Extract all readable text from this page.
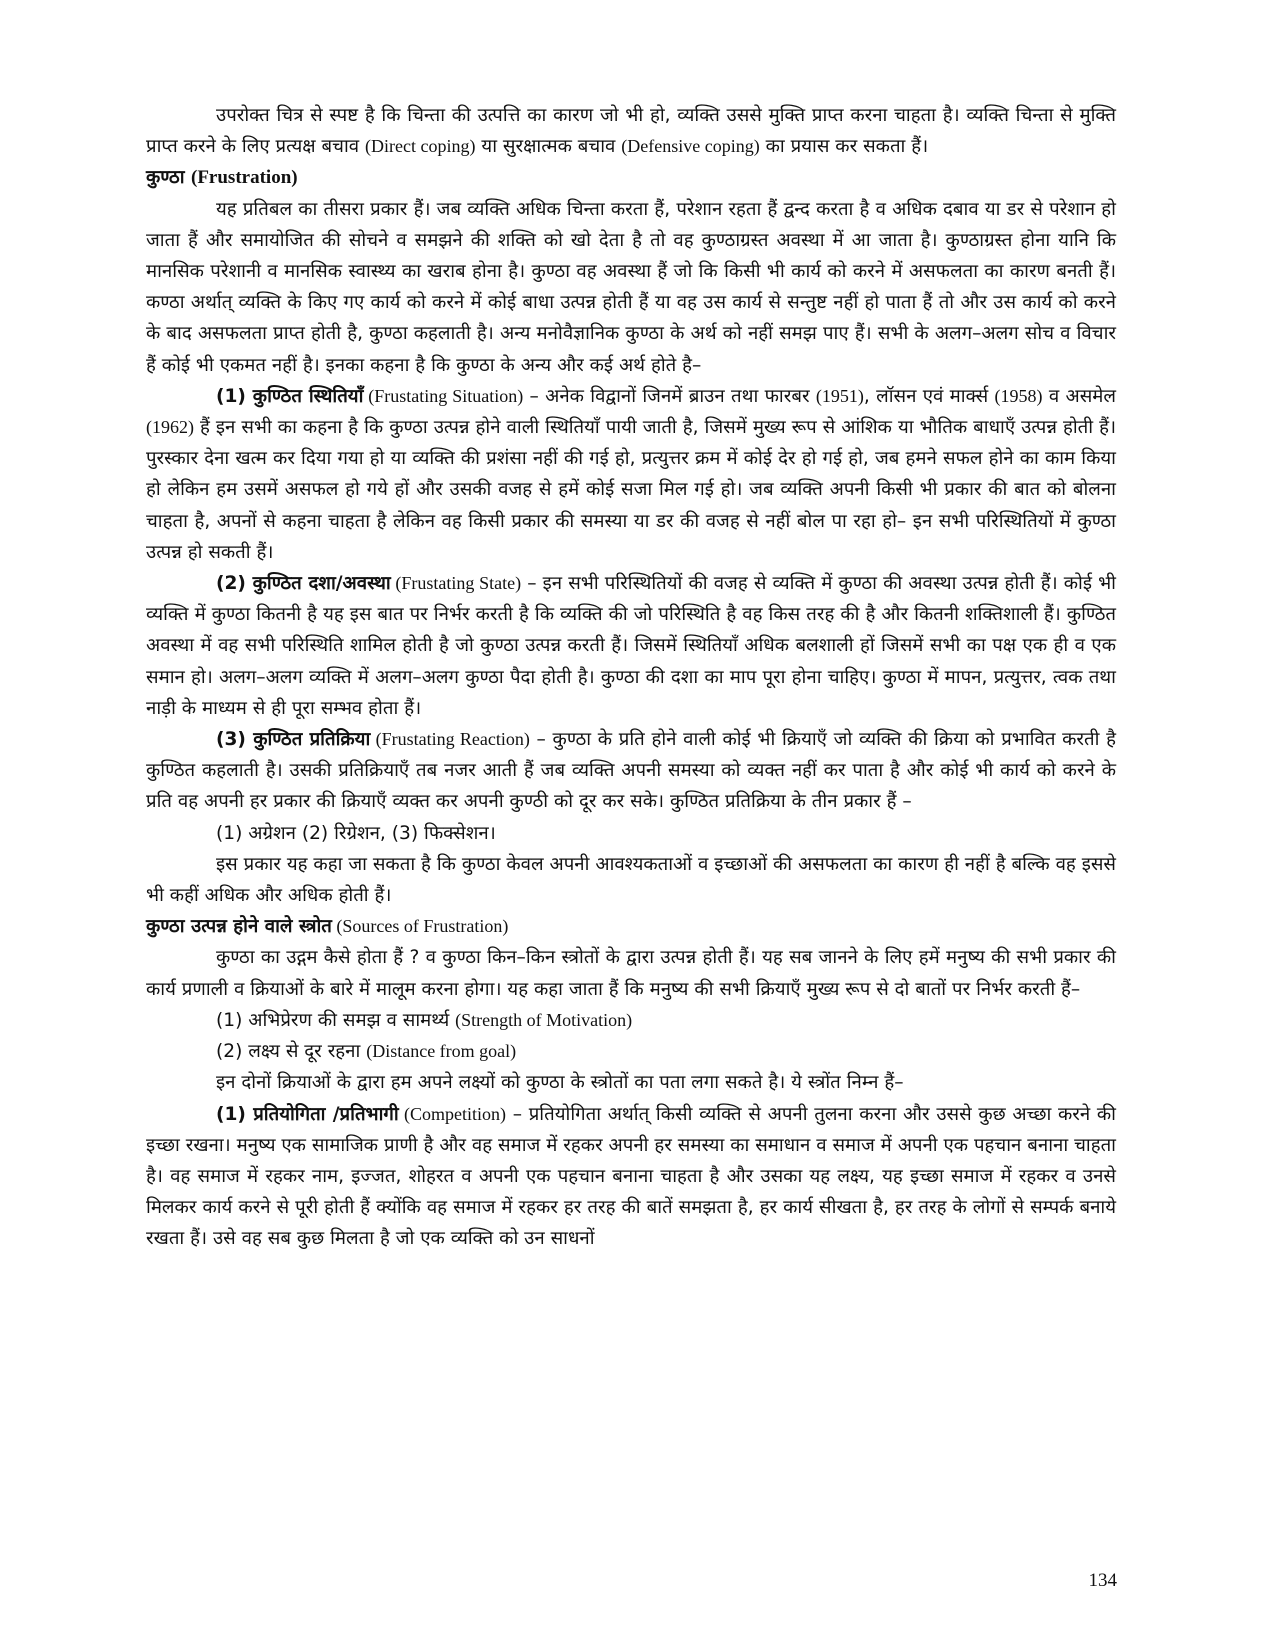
उपरोक्त चित्र से स्पष्ट है कि चिन्ता की उत्पत्ति का कारण जो भी हो, व्यक्ति उससे मुक्ति प्राप्त करना चाहता है। व्यक्ति चिन्ता से मुक्ति प्राप्त करने के लिए प्रत्यक्ष बचाव (Direct coping) या सुरक्षात्मक बचाव (Defensive coping) का प्रयास कर सकता हैं।

कुण्ठा (Frustration)

यह प्रतिबल का तीसरा प्रकार हैं। जब व्यक्ति अधिक चिन्ता करता हैं, परेशान रहता हैं द्वन्द करता है व अधिक दबाव या डर से परेशान हो जाता हैं और समायोजित की सोचने व समझने की शक्ति को खो देता है तो वह कुण्ठाग्रस्त अवस्था में आ जाता है। कुण्ठाग्रस्त होना यानि कि मानसिक परेशानी व मानसिक स्वास्थ्य का खराब होना है। कुण्ठा वह अवस्था हैं जो कि किसी भी कार्य को करने में असफलता का कारण बनती हैं। कण्ठा अर्थात् व्यक्ति के किए गए कार्य को करने में कोई बाधा उत्पन्न होती हैं या वह उस कार्य से सन्तुष्ट नहीं हो पाता हैं तो और उस कार्य को करने के बाद असफलता प्राप्त होती है, कुण्ठा कहलाती है। अन्य मनोवैज्ञानिक कुण्ठा के अर्थ को नहीं समझ पाए हैं। सभी के अलग–अलग सोच व विचार हैं कोई भी एकमत नहीं है। इनका कहना है कि कुण्ठा के अन्य और कई अर्थ होते है–

(1) कुण्ठित स्थितियाँ (Frustating Situation) – अनेक विद्वानों जिनमें ब्राउन तथा फारबर (1951), लॉसन एवं मार्क्स (1958) व असमेल (1962) हैं इन सभी का कहना है कि कुण्ठा उत्पन्न होने वाली स्थितियाँ पायी जाती है, जिसमें मुख्य रूप से आंशिक या भौतिक बाधाएँ उत्पन्न होती हैं। पुरस्कार देना खत्म कर दिया गया हो या व्यक्ति की प्रशंसा नहीं की गई हो, प्रत्युत्तर क्रम में कोई देर हो गई हो, जब हमने सफल होने का काम किया हो लेकिन हम उसमें असफल हो गये हों और उसकी वजह से हमें कोई सजा मिल गई हो। जब व्यक्ति अपनी किसी भी प्रकार की बात को बोलना चाहता है, अपनों से कहना चाहता है लेकिन वह किसी प्रकार की समस्या या डर की वजह से नहीं बोल पा रहा हो– इन सभी परिस्थितियों में कुण्ठा उत्पन्न हो सकती हैं।

(2) कुण्ठित दशा/अवस्था (Frustating State) – इन सभी परिस्थितियों की वजह से व्यक्ति में कुण्ठा की अवस्था उत्पन्न होती हैं। कोई भी व्यक्ति में कुण्ठा कितनी है यह इस बात पर निर्भर करती है कि व्यक्ति की जो परिस्थिति है वह किस तरह की है और कितनी शक्तिशाली हैं। कुण्ठित अवस्था में वह सभी परिस्थिति शामिल होती है जो कुण्ठा उत्पन्न करती हैं। जिसमें स्थितियाँ अधिक बलशाली हों जिसमें सभी का पक्ष एक ही व एक समान हो। अलग–अलग व्यक्ति में अलग–अलग कुण्ठा पैदा होती है। कुण्ठा की दशा का माप पूरा होना चाहिए। कुण्ठा में मापन, प्रत्युत्तर, त्वक तथा नाड़ी के माध्यम से ही पूरा सम्भव होता हैं।

(3) कुण्ठित प्रतिक्रिया (Frustating Reaction) – कुण्ठा के प्रति होने वाली कोई भी क्रियाएँ जो व्यक्ति की क्रिया को प्रभावित करती है कुण्ठित कहलाती है। उसकी प्रतिक्रियाएँ तब नजर आती हैं जब व्यक्ति अपनी समस्या को व्यक्त नहीं कर पाता है और कोई भी कार्य को करने के प्रति वह अपनी हर प्रकार की क्रियाएँ व्यक्त कर अपनी कुण्ठी को दूर कर सके। कुण्ठित प्रतिक्रिया के तीन प्रकार हैं –

(1) अग्रेशन (2) रिग्रेशन, (3) फिक्सेशन।

इस प्रकार यह कहा जा सकता है कि कुण्ठा केवल अपनी आवश्यकताओं व इच्छाओं की असफलता का कारण ही नहीं है बल्कि वह इससे भी कहीं अधिक और अधिक होती हैं।

कुण्ठा उत्पन्न होने वाले स्त्रोत (Sources of Frustration)

कुण्ठा का उद्गम कैसे होता हैं ? व कुण्ठा किन–किन स्त्रोतों के द्वारा उत्पन्न होती हैं। यह सब जानने के लिए हमें मनुष्य की सभी प्रकार की कार्य प्रणाली व क्रियाओं के बारे में मालूम करना होगा। यह कहा जाता हैं कि मनुष्य की सभी क्रियाएँ मुख्य रूप से दो बातों पर निर्भर करती हैं–

(1) अभिप्रेरण की समझ व सामर्थ्य (Strength of Motivation)

(2) लक्ष्य से दूर रहना (Distance from goal)

इन दोनों क्रियाओं के द्वारा हम अपने लक्ष्यों को कुण्ठा के स्त्रोतों का पता लगा सकते है। ये स्त्रोंत निम्न हैं–

(1) प्रतियोगिता /प्रतिभागी (Competition) – प्रतियोगिता अर्थात् किसी व्यक्ति से अपनी तुलना करना और उससे कुछ अच्छा करने की इच्छा रखना। मनुष्य एक सामाजिक प्राणी है और वह समाज में रहकर अपनी हर समस्या का समाधान व समाज में अपनी एक पहचान बनाना चाहता है। वह समाज में रहकर नाम, इज्जत, शोहरत व अपनी एक पहचान बनाना चाहता है और उसका यह लक्ष्य, यह इच्छा समाज में रहकर व उनसे मिलकर कार्य करने से पूरी होती हैं क्योंकि वह समाज में रहकर हर तरह की बातें समझता है, हर कार्य सीखता है, हर तरह के लोगों से सम्पर्क बनाये रखता हैं। उसे वह सब कुछ मिलता है जो एक व्यक्ति को उन साधनों

134
